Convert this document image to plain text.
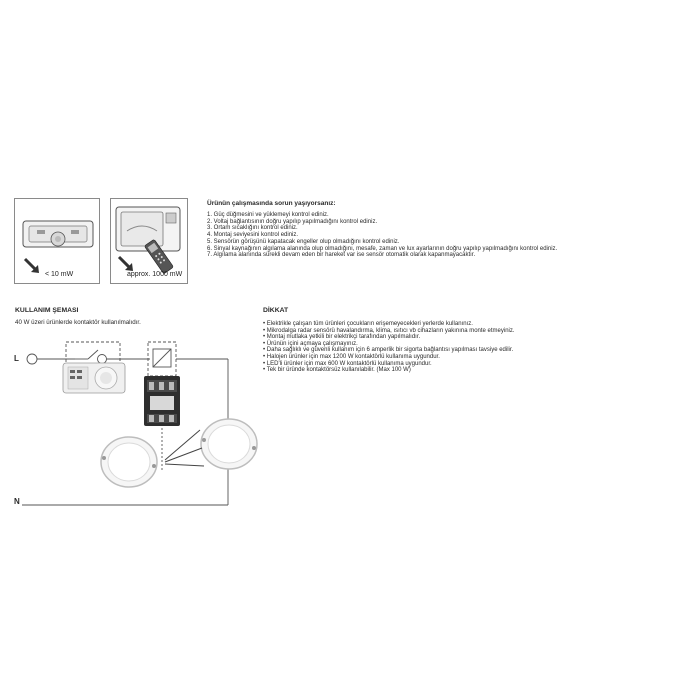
< 10 mW	approx. 1000 mW
Ürünün çalışmasında sorun yaşıyorsanız:
1. Güç düğmesini ve yüklemeyi kontrol ediniz.
2. Voltaj bağlantısının doğru yapılıp yapılmadığını kontrol ediniz.
3. Ortam sıcaklığını kontrol ediniz.
4. Montaj seviyesini kontrol ediniz.
5. Sensörün görüşünü kapatacak engeller olup olmadığını kontrol ediniz.
6. Sinyal kaynağının algılama alanında olup olmadığını, mesafe, zaman ve lux ayarlarının doğru yapılıp yapılmadığını kontrol ediniz.
7. Algılama alanında sürekli devam eden bir hareket var ise sensör otomatik olarak kapanmayacaktır.
KULLANIM ŞEMASI
40 W üzeri ürünlerde kontaktör kullanılmalıdır.
L
N
DİKKAT
• Elektrikle çalışan tüm ürünleri çocukların erişemeyecekleri yerlerde kullanınız.
• Mikrodalga radar sensörü havalandırma, klima, ısıtıcı vb cihazların yakınına monte etmeyiniz.
• Montaj mutlaka yetkili bir elektrikçi tarafından yapılmalıdır.
• Ürünün içini açmaya çalışmayınız.
• Daha sağlıklı ve güvenli kullanım için 6 amperlik bir sigorta bağlantısı yapılması tavsiye edilir.
• Halojen ürünler için max 1200 W kontaktörlü kullanıma uygundur.
• LED'li ürünler için max 600 W kontaktörlü kullanıma uygundur.
• Tek bir üründe kontaktörsüz kullanılabilir. (Max 100 W)
